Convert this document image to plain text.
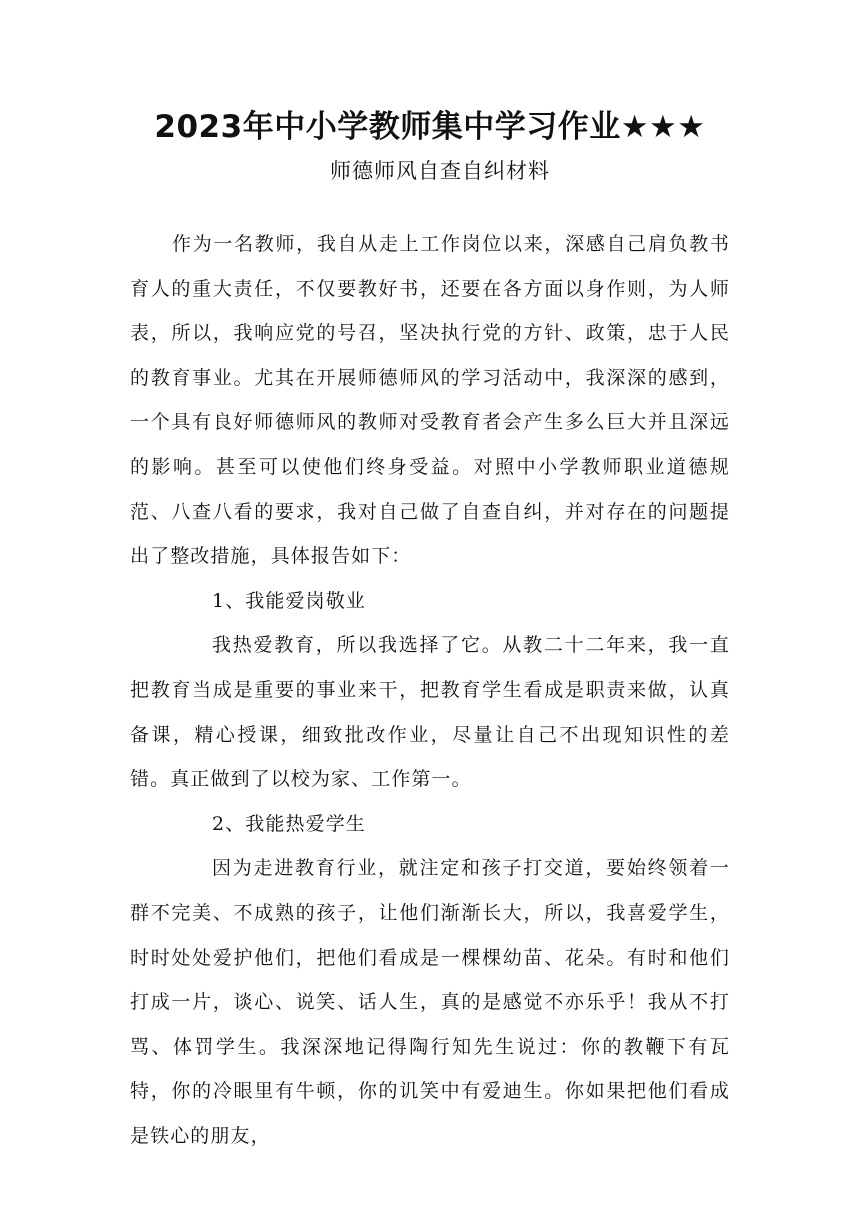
2023年中小学教师集中学习作业★★★

师德师风自查自纠材料

作为一名教师，我自从走上工作岗位以来，深感自己肩负教书育人的重大责任，不仅要教好书，还要在各方面以身作则，为人师表，所以，我响应党的号召，坚决执行党的方针、政策，忠于人民的教育事业。尤其在开展师德师风的学习活动中，我深深的感到，一个具有良好师德师风的教师对受教育者会产生多么巨大并且深远的影响。甚至可以使他们终身受益。对照中小学教师职业道德规范、八查八看的要求，我对自己做了自查自纠，并对存在的问题提出了整改措施，具体报告如下：

1、我能爱岗敬业

我热爱教育，所以我选择了它。从教二十二年来，我一直把教育当成是重要的事业来干，把教育学生看成是职责来做，认真备课，精心授课，细致批改作业，尽量让自己不出现知识性的差错。真正做到了以校为家、工作第一。

2、我能热爱学生

因为走进教育行业，就注定和孩子打交道，要始终领着一群不完美、不成熟的孩子，让他们渐渐长大，所以，我喜爱学生，时时处处爱护他们，把他们看成是一棵棵幼苗、花朵。有时和他们打成一片，谈心、说笑、话人生，真的是感觉不亦乐乎！我从不打骂、体罚学生。我深深地记得陶行知先生说过：你的教鞭下有瓦特，你的冷眼里有牛顿，你的讥笑中有爱迪生。你如果把他们看成是铁心的朋友，
